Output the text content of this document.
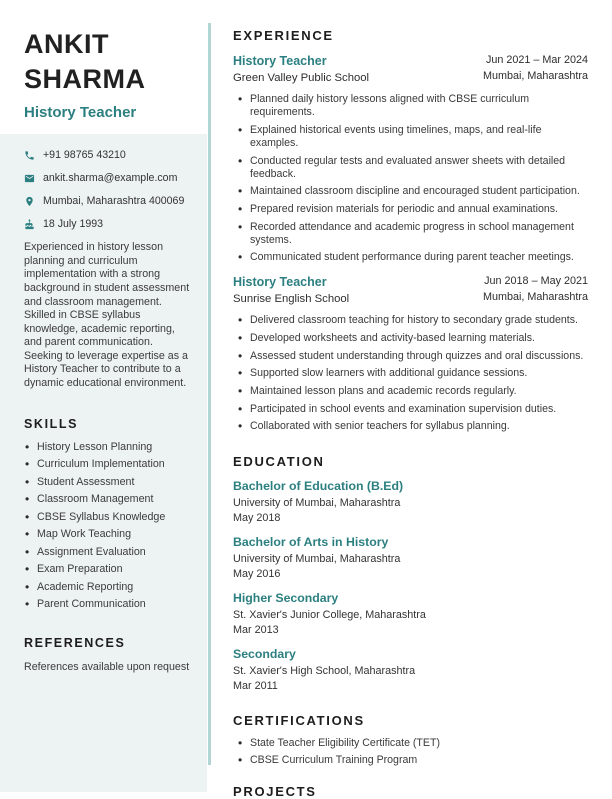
ANKIT
SHARMA
History Teacher
+91 98765 43210
ankit.sharma@example.com
Mumbai, Maharashtra 400069
18 July 1993

Experienced in history lesson planning and curriculum implementation with a strong background in student assessment and classroom management. Skilled in CBSE syllabus knowledge, academic reporting, and parent communication. Seeking to leverage expertise as a History Teacher to contribute to a dynamic educational environment.

SKILLS
• History Lesson Planning
• Curriculum Implementation
• Student Assessment
• Classroom Management
• CBSE Syllabus Knowledge
• Map Work Teaching
• Assignment Evaluation
• Exam Preparation
• Academic Reporting
• Parent Communication
REFERENCES

References available upon request

EXPERIENCE
History Teacher
Green Valley Public School
Jun 2021 – Mar 2024
Mumbai, Maharashtra
• Planned daily history lessons aligned with CBSE curriculum requirements.
• Explained historical events using timelines, maps, and real-life examples.
• Conducted regular tests and evaluated answer sheets with detailed feedback.
• Maintained classroom discipline and encouraged student participation.
• Prepared revision materials for periodic and annual examinations.
• Recorded attendance and academic progress in school management systems.
• Communicated student performance during parent teacher meetings.
History Teacher
Sunrise English School
Jun 2018 – May 2021
Mumbai, Maharashtra
• Delivered classroom teaching for history to secondary grade students.
• Developed worksheets and activity-based learning materials.
• Assessed student understanding through quizzes and oral discussions.
• Supported slow learners with additional guidance sessions.
• Maintained lesson plans and academic records regularly.
• Participated in school events and examination supervision duties.
• Collaborated with senior teachers for syllabus planning.
EDUCATION
Bachelor of Education (B.Ed)
University of Mumbai, Maharashtra
May 2018
Bachelor of Arts in History
University of Mumbai, Maharashtra
May 2016
Higher Secondary
St. Xavier's Junior College, Maharashtra
Mar 2013
Secondary
St. Xavier's High School, Maharashtra
Mar 2011
CERTIFICATIONS
• State Teacher Eligibility Certificate (TET)
• CBSE Curriculum Training Program
PROJECTS
